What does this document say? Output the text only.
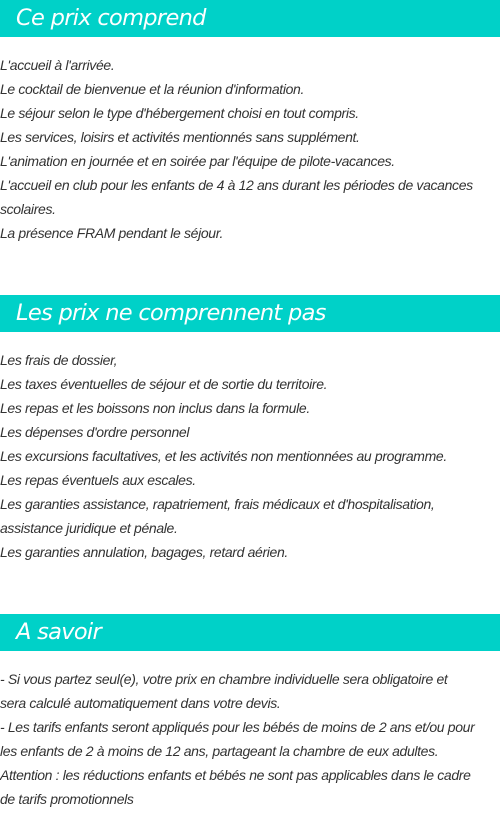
Ce prix comprend
L'accueil à l'arrivée.
Le cocktail de bienvenue et la réunion d'information.
Le séjour selon le type d'hébergement choisi en tout compris.
Les services, loisirs et activités mentionnés sans supplément.
L'animation en journée et en soirée par l'équipe de pilote-vacances.
L'accueil en club pour les enfants de 4 à 12 ans durant les périodes de vacances
scolaires.
La présence FRAM pendant le séjour.
Les prix ne comprennent pas
Les frais de dossier,
Les taxes éventuelles de séjour et de sortie du territoire.
Les repas et les boissons non inclus dans la formule.
Les dépenses d'ordre personnel
Les excursions facultatives, et les activités non mentionnées au programme.
Les repas éventuels aux escales.
Les garanties assistance, rapatriement, frais médicaux et d'hospitalisation,
assistance juridique et pénale.
Les garanties annulation, bagages, retard aérien.
A savoir
- Si vous partez seul(e), votre prix en chambre individuelle sera obligatoire et
sera calculé automatiquement dans votre devis.
- Les tarifs enfants seront appliqués pour les bébés de moins de 2 ans et/ou pour
les enfants de 2 à moins de 12 ans, partageant la chambre de eux adultes.
Attention : les réductions enfants et bébés ne sont pas applicables dans le cadre
de tarifs promotionnels
